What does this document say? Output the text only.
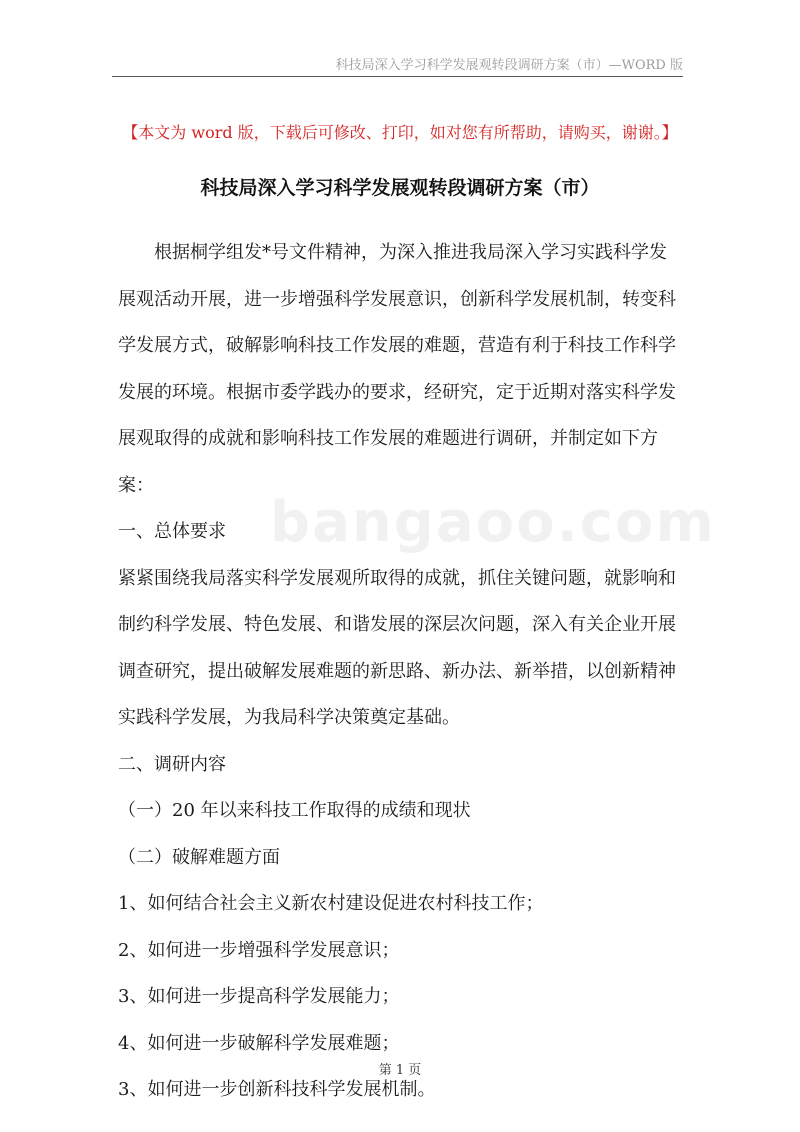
科技局深入学习科学发展观转段调研方案（市）—WORD 版
【本文为 word 版，下载后可修改、打印，如对您有所帮助，请购买，谢谢。】
科技局深入学习科学发展观转段调研方案（市）
bangaoo.com
根据桐学组发*号文件精神，为深入推进我局深入学习实践科学发展观活动开展，进一步增强科学发展意识，创新科学发展机制，转变科学发展方式，破解影响科技工作发展的难题，营造有利于科技工作科学发展的环境。根据市委学践办的要求，经研究，定于近期对落实科学发展观取得的成就和影响科技工作发展的难题进行调研，并制定如下方案：
一、总体要求
紧紧围绕我局落实科学发展观所取得的成就，抓住关键问题，就影响和制约科学发展、特色发展、和谐发展的深层次问题，深入有关企业开展调查研究，提出破解发展难题的新思路、新办法、新举措，以创新精神实践科学发展，为我局科学决策奠定基础。
二、调研内容
（一）20 年以来科技工作取得的成绩和现状
（二）破解难题方面
1、如何结合社会主义新农村建设促进农村科技工作；
2、如何进一步增强科学发展意识；
3、如何进一步提高科学发展能力；
4、如何进一步破解科学发展难题；
3、如何进一步创新科技科学发展机制。
第 1 页
